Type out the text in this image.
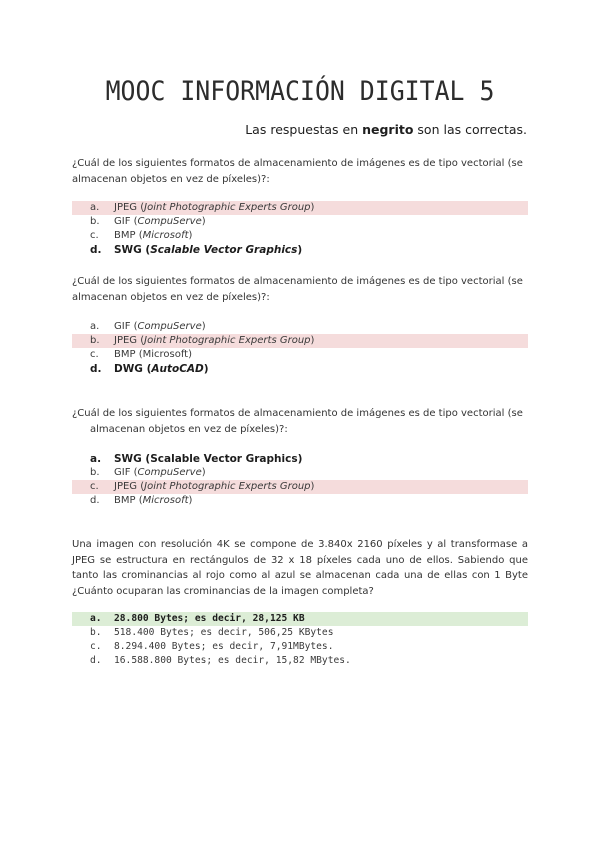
MOOC INFORMACIÓN DIGITAL 5
Las respuestas en negrito son las correctas.
¿Cuál de los siguientes formatos de almacenamiento de imágenes es de tipo vectorial (se almacenan objetos en vez de píxeles)?:
a.	JPEG (Joint Photographic Experts Group)
b.	GIF (CompuServe)
c.	BMP (Microsoft)
d.	SWG (Scalable Vector Graphics)
¿Cuál de los siguientes formatos de almacenamiento de imágenes es de tipo vectorial (se almacenan objetos en vez de píxeles)?:
a.	GIF (CompuServe)
b.	JPEG (Joint Photographic Experts Group)
c.	BMP (Microsoft)
d.	DWG (AutoCAD)
¿Cuál de los siguientes formatos de almacenamiento de imágenes es de tipo vectorial (se almacenan objetos en vez de píxeles)?:
a.	SWG (Scalable Vector Graphics)
b.	GIF (CompuServe)
c.	JPEG (Joint Photographic Experts Group)
d.	BMP (Microsoft)
Una imagen con resolución 4K se compone de 3.840x 2160 píxeles y al transformase a JPEG se estructura en rectángulos de 32 x 18 píxeles cada uno de ellos. Sabiendo que tanto las crominancias al rojo como al azul se almacenan cada una de ellas con 1 Byte ¿Cuánto ocuparan las crominancias de la imagen completa?
a.	28.800 Bytes; es decir, 28,125 KB
b.	518.400 Bytes; es decir, 506,25 KBytes
c.	8.294.400 Bytes; es decir, 7,91MBytes.
d.	16.588.800 Bytes; es decir, 15,82 MBytes.
